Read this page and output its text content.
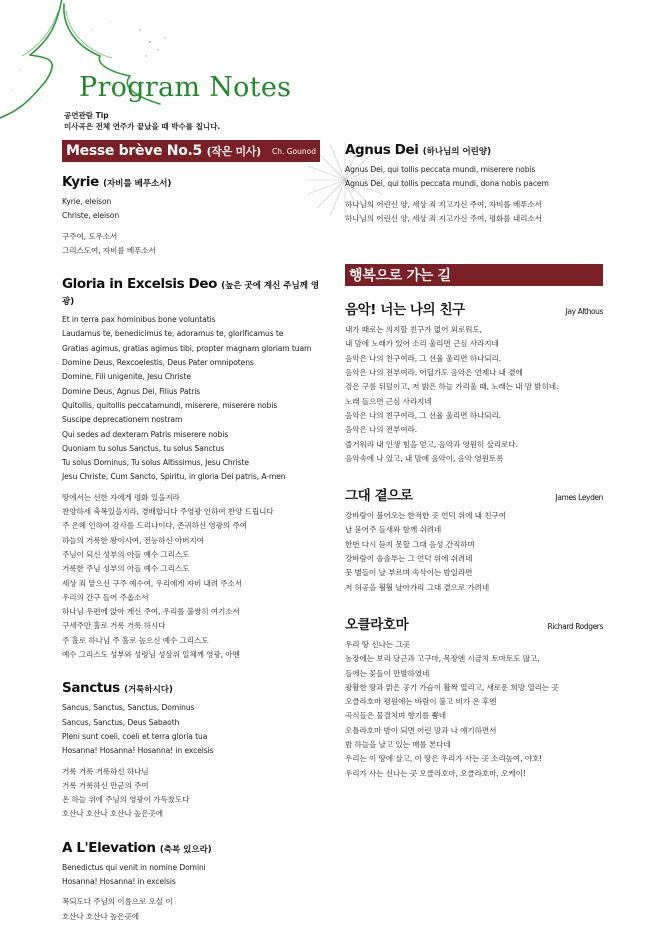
Program Notes
공연관람 Tip
미사곡은 전체 연주가 끝났을 때 박수를 칩니다.
Messe brève No.5 (작은 미사) Ch. Gounod
Kyrie (자비를 베푸소서)
Kyrie, eleison
Christe, eleison
구주여, 도우소서
그리스도여, 자비를 베푸소서
Gloria in Excelsis Deo (높은 곳에 계신 주님께 영광)
Et in terra pax hominibus bone voluntatis
Laudamus te, benedicimus te, adoramus te, glorificamus te
Gratias agimus, gratias agimus tibi, propter magnam gloriam tuam
Domine Deus, Rexcoelestis, Deus Pater omnipotens
Domine, Fili unigenite, Jesu Christe
Domine Deus, Agnus Dei, Filius Patris
Quitollis, quitollis peccatamundi, miserere, miserere nobis
Suscipe deprecationem nostram
Qui sedes ad dexteram Patris miserere nobis
Quoniam tu solus Sanctus, tu solus Sanctus
Tu solus Dominus, Tu solus Altissimus, Jesu Christe
Jesu Christe, Cum Sancto, Spiritu, in gloria Dei patris, A-men
땅에서는 선한 자에게 평화 있을지라
찬양하세 축복있을지라, 경배합니다 주영광 인하여 찬양 드립니다
주 은혜 인하여 감사를 드리나이다, 존귀하신 영광의 주여
하늘의 거룩한 왕이시여, 전능하신 아버지여
주님이 되신 성부의 아들 예수 그리스도
거룩한 주님 성부의 아들 예수 그리스도
세상 죄 맡으신 구주 예수여, 우리에게 자비 내려 주소서
우리의 간구 들어 주옵소서
하나님 우편에 앉아 계신 주여, 우리를 불쌍히 여기소서
구세주만 홀로 거룩 거룩 하시다
주 홀로 하나님 주 홀로 높으신 예수 그리스도
예수 그리스도 성부와 성령님 성삼위 일체께 영광, 아멘
Sanctus (거룩하시다)
Sancus, Sanctus, Sanctus, Dominus
Sancus, Sanctus, Deus Sabaoth
Pleni sunt coeli, coeli et terra gloria tua
Hosanna! Hosanna! Hosanna! in excelsis
거룩 거룩 거룩하신 하나님
거룩 거룩하신 만군의 주여
온 하늘 위에 주님의 영광이 가득찼도다
호산나 호산나 호산나 높은곳에
A L'Elevation (축복 있으라)
Benedictus qui venit in nomine Domini
Hosanna! Hosanna! in excelsis
복되도다 주님의 이름으로 오실 이
호산나 호산나 높은곳에
Agnus Dei (하나님의 어린양)
Agnus Dei, qui tollis peccata mundi, miserere nobis
Agnus Dei, qui tollis peccata mundi, dona nobis pacem
하나님의 어린신 양, 세상 죄 지고가신 주여, 자비를 베푸소서
하나님의 어린신 양, 세상 죄 지고가신 주여, 평화를 내리소서
행복으로 가는 길
음악! 너는 나의 친구	Jay Althous
내가 때로는 의지할 친구가 없어 외로워도,
내 맘에 노래가 있어 소리 울리면 근심 사라지네
음악은 나의 친구여라, 그 선율 울리면 하나되리.
음악은 나의 전부여라. 어딜가도 음악은 언제나 내 곁에
검은 구름 뒤덮이고, 저 밝은 하늘 가리울 때, 노래는 내 맘 밝히네.
노래 들으면 근심 사라지네
음악은 나의 친구여라, 그 선율 울리면 하나되리.
음악은 나의 전부여라.
즐거워라 내 인생 힘을 얻고, 음악과 영원히 살리로다.
음악속에 나 있고, 내 맘에 음악이, 음악 영원토록
그대 곁으로	James Leyden
강바람이 불어오는 한적한 곳 언덕 위에 내 친구여
날 묻어주 들새와 함께 쉬려네
한번 다시 듣지 못할 그대 음성 간직하며
강바람이 솔솔부는 그 언덕 위에 쉬려네
뭇 별들이 날 부르며 속삭이는 밤일라면
저 허공을 훨훨 날아가리 그대 곁으로 가려네
오클라호마	Richard Rodgers
우리 땅 신나는 그곳
농장에는 보리 당근과 고구마, 목장엔 시금치 토마토도 많고,
들에는 꽃들이 만발하였네
광활한 땅과 맑은 공기 가슴이 활짝 열리고, 새로운 희망 열리는 곳
오클라호마 평원에는 바람이 불고 비가 온 후엔
곡식들은 물결치며 향기를 뿜네
오틀라호마 밤이 되면 어린 망과 나 얘기하면서
밤 하늘을 날고 있는 매를 본다네
우리는 이 땅에 살고, 이 땅은 우리가 사는 곳 소리높여, 야호!
우리가 사는 신나는 곳 오클라호마, 오클라호마, 오케이!
